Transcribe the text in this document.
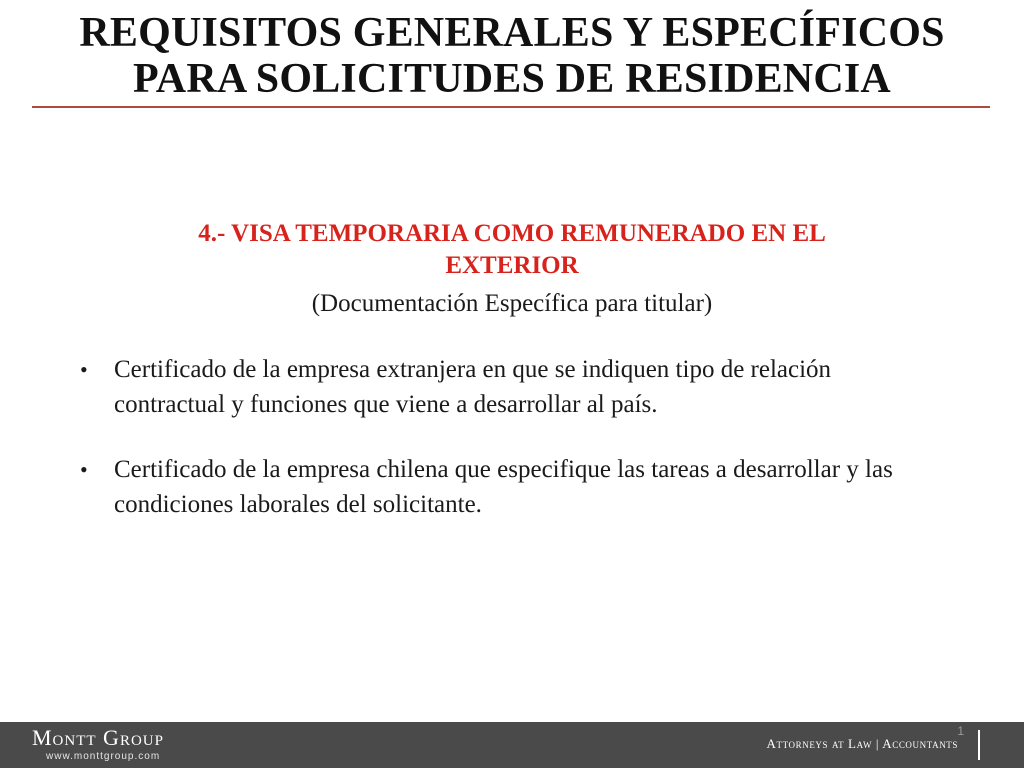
REQUISITOS GENERALES Y ESPECÍFICOS
PARA SOLICITUDES DE RESIDENCIA
4.- VISA TEMPORARIA COMO REMUNERADO EN EL
EXTERIOR
(Documentación Específica para titular)
• Certificado de la empresa extranjera en que se indiquen tipo de relación contractual y funciones que viene a desarrollar al país.
• Certificado de la empresa chilena que especifique las tareas a desarrollar y las condiciones laborales del solicitante.
Montt Group
www.monttgroup.com
1
Attorneys at Law | Accountants
